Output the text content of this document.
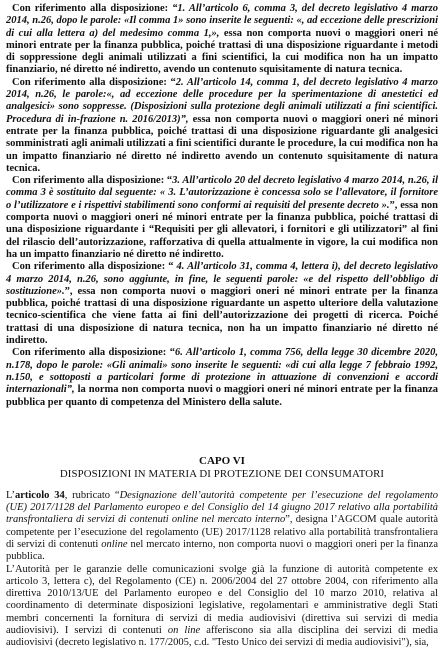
Con riferimento alla disposizione: “1. All’articolo 6, comma 3, del decreto legislativo 4 marzo 2014, n.26, dopo le parole: «Il comma 1» sono inserite le seguenti: «, ad eccezione delle prescrizioni di cui alla lettera a) del medesimo comma 1,», essa non comporta nuovi o maggiori oneri né minori entrate per la finanza pubblica, poiché trattasi di una disposizione riguardante i metodi di soppressione degli animali utilizzati a fini scientifici, la cui modifica non ha un impatto finanziario, né diretto né indiretto, avendo un contenuto squisitamente di natura tecnica.

Con riferimento alla disposizione: “2. All’articolo 14, comma 1, del decreto legislativo 4 marzo 2014, n.26, le parole:«, ad eccezione delle procedure per la sperimentazione di anestetici ed analgesici» sono soppresse. (Disposizioni sulla protezione degli animali utilizzati a fini scientifici. Procedura di in-frazione n. 2016/2013)”, essa non comporta nuovi o maggiori oneri né minori entrate per la finanza pubblica, poiché trattasi di una disposizione riguardante gli analgesici somministrati agli animali utilizzati a fini scientifici durante le procedure, la cui modifica non ha un impatto finanziario né diretto né indiretto avendo un contenuto squisitamente di natura tecnica.

Con riferimento alla disposizione: “3. All’articolo 20 del decreto legislativo 4 marzo 2014, n.26, il comma 3 è sostituito dal seguente: « 3. L’autorizzazione è concessa solo se l’allevatore, il fornitore o l’utilizzatore e i rispettivi stabilimenti sono conformi ai requisiti del presente decreto ».”, essa non comporta nuovi o maggiori oneri né minori entrate per la finanza pubblica, poiché trattasi di una disposizione riguardante i “Requisiti per gli allevatori, i fornitori e gli utilizzatori” al fini del rilascio dell’autorizzazione, rafforzativa di quella attualmente in vigore, la cui modifica non ha un impatto finanziario né diretto né indiretto.

Con riferimento alla disposizione: “ 4. All’articolo 31, comma 4, lettera i), del decreto legislativo 4 marzo 2014, n.26, sono aggiunte, in fine, le seguenti parole: «e del rispetto dell’obbligo di sostituzione».”, essa non comporta nuovi o maggiori oneri né minori entrate per la finanza pubblica, poiché trattasi di una disposizione riguardante un aspetto ulteriore della valutazione tecnico-scientifica che viene fatta ai fini dell’autorizzazione dei progetti di ricerca. Poiché trattasi di una disposizione di natura tecnica, non ha un impatto finanziario né diretto né indiretto.

Con riferimento alla disposizione: “6. All’articolo 1, comma 756, della legge 30 dicembre 2020, n.178, dopo le parole: «Gli animali» sono inserite le seguenti: «di cui alla legge 7 febbraio 1992, n.150, e sottoposti a particolari forme di protezione in attuazione di convenzioni e accordi internazionali”, la norma non comporta nuovi o maggiori oneri né minori entrate per la finanza pubblica per quanto di competenza del Ministero della salute.

CAPO VI

DISPOSIZIONI IN MATERIA DI PROTEZIONE DEI CONSUMATORI

L’articolo 34, rubricato “Designazione dell’autorità competente per l’esecuzione del regolamento (UE) 2017/1128 del Parlamento europeo e del Consiglio del 14 giugno 2017 relativo alla portabilità transfrontaliera di servizi di contenuti online nel mercato interno”, designa l’AGCOM quale autorità competente per l’esecuzione del regolamento (UE) 2017/1128 relativo alla portabilità transfrontaliera di servizi di contenuti online nel mercato interno, non comporta nuovi o maggiori oneri per la finanza pubblica.

L’Autorità per le garanzie delle comunicazioni svolge già la funzione di autorità competente ex articolo 3, lettera c), del Regolamento (CE) n. 2006/2004 del 27 ottobre 2004, con riferimento alla direttiva 2010/13/UE del Parlamento europeo e del Consiglio del 10 marzo 2010, relativa al coordinamento di determinate disposizioni legislative, regolamentari e amministrative degli Stati membri concernenti la fornitura di servizi di media audiovisivi (direttiva sui servizi di media audiovisivi). I servizi di contenuti on line afferiscono sia alla disciplina dei servizi di media audiovisivi (decreto legislativo n. 177/2005, c.d. "Testo Unico dei servizi di media audiovisivi"), sia,
